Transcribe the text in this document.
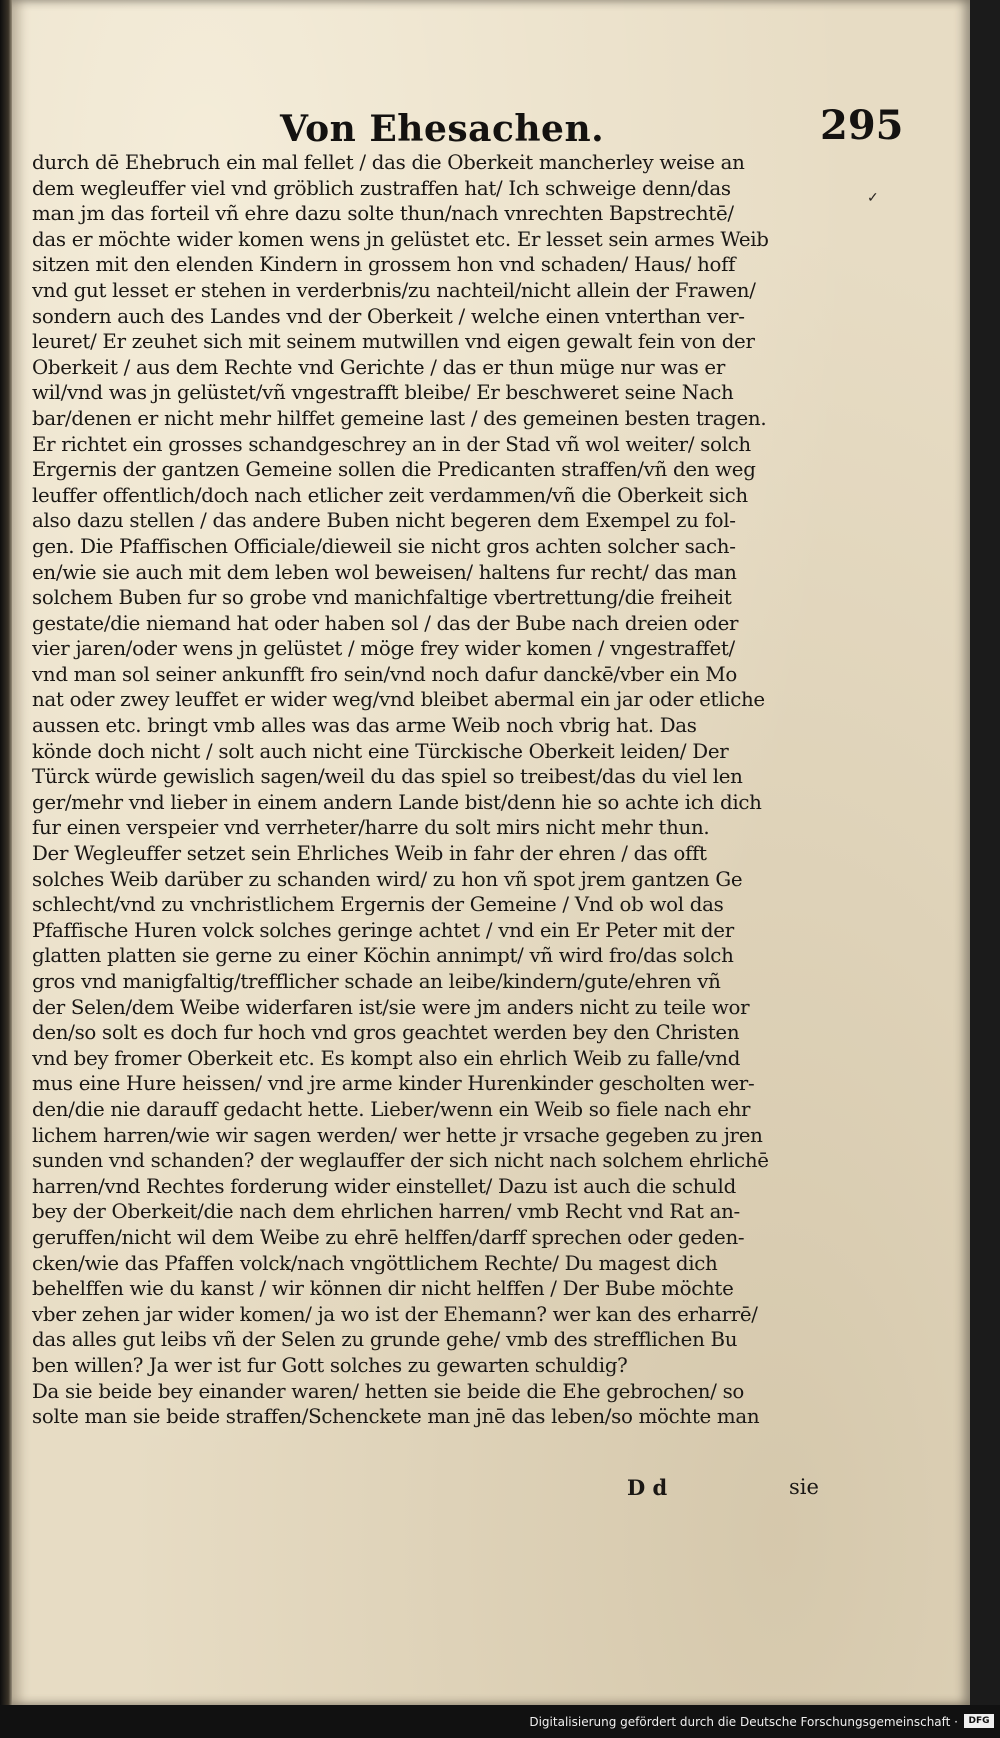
Von Ehesachen.	295
✓
durch dē Ehebruch ein mal fellet / das die Oberkeit mancherley weise an
dem wegleuffer viel vnd gröblich zustraffen hat/ Ich schweige denn/das
man jm das forteil vñ ehre dazu solte thun/nach vnrechten Bapstrechtē/
das er möchte wider komen wens jn gelüstet etc. Er lesset sein armes Weib
sitzen mit den elenden Kindern in grossem hon vnd schaden/ Haus/ hoff
vnd gut lesset er stehen in verderbnis/zu nachteil/nicht allein der Frawen/
sondern auch des Landes vnd der Oberkeit / welche einen vnterthan ver-
leuret/ Er zeuhet sich mit seinem mutwillen vnd eigen gewalt fein von der
Oberkeit / aus dem Rechte vnd Gerichte / das er thun müge nur was er
wil/vnd was jn gelüstet/vñ vngestrafft bleibe/ Er beschweret seine Nach
bar/denen er nicht mehr hilffet gemeine last / des gemeinen besten tragen.
Er richtet ein grosses schandgeschrey an in der Stad vñ wol weiter/ solch
Ergernis der gantzen Gemeine sollen die Predicanten straffen/vñ den weg
leuffer offentlich/doch nach etlicher zeit verdammen/vñ die Oberkeit sich
also dazu stellen / das andere Buben nicht begeren dem Exempel zu fol-
gen. Die Pfaffischen Officiale/dieweil sie nicht gros achten solcher sach-
en/wie sie auch mit dem leben wol beweisen/ haltens fur recht/ das man
solchem Buben fur so grobe vnd manichfaltige vbertrettung/die freiheit
gestate/die niemand hat oder haben sol / das der Bube nach dreien oder
vier jaren/oder wens jn gelüstet / möge frey wider komen / vngestraffet/
vnd man sol seiner ankunfft fro sein/vnd noch dafur danckē/vber ein Mo
nat oder zwey leuffet er wider weg/vnd bleibet abermal ein jar oder etliche
aussen etc. bringt vmb alles was das arme Weib noch vbrig hat. Das
könde doch nicht / solt auch nicht eine Türckische Oberkeit leiden/ Der
Türck würde gewislich sagen/weil du das spiel so treibest/das du viel len
ger/mehr vnd lieber in einem andern Lande bist/denn hie so achte ich dich
fur einen verspeier vnd verrheter/harre du solt mirs nicht mehr thun.
Der Wegleuffer setzet sein Ehrliches Weib in fahr der ehren / das offt
solches Weib darüber zu schanden wird/ zu hon vñ spot jrem gantzen Ge
schlecht/vnd zu vnchristlichem Ergernis der Gemeine / Vnd ob wol das
Pfaffische Huren volck solches geringe achtet / vnd ein Er Peter mit der
glatten platten sie gerne zu einer Köchin annimpt/ vñ wird fro/das solch
gros vnd manigfaltig/trefflicher schade an leibe/kindern/gute/ehren vñ
der Selen/dem Weibe widerfaren ist/sie were jm anders nicht zu teile wor
den/so solt es doch fur hoch vnd gros geachtet werden bey den Christen
vnd bey fromer Oberkeit etc. Es kompt also ein ehrlich Weib zu falle/vnd
mus eine Hure heissen/ vnd jre arme kinder Hurenkinder gescholten wer-
den/die nie darauff gedacht hette. Lieber/wenn ein Weib so fiele nach ehr
lichem harren/wie wir sagen werden/ wer hette jr vrsache gegeben zu jren
sunden vnd schanden? der weglauffer der sich nicht nach solchem ehrlichē
harren/vnd Rechtes forderung wider einstellet/ Dazu ist auch die schuld
bey der Oberkeit/die nach dem ehrlichen harren/ vmb Recht vnd Rat an-
geruffen/nicht wil dem Weibe zu ehrē helffen/darff sprechen oder geden-
cken/wie das Pfaffen volck/nach vngöttlichem Rechte/ Du magest dich
behelffen wie du kanst / wir können dir nicht helffen / Der Bube möchte
vber zehen jar wider komen/ ja wo ist der Ehemann? wer kan des erharrē/
das alles gut leibs vñ der Selen zu grunde gehe/ vmb des strefflichen Bu
ben willen? Ja wer ist fur Gott solches zu gewarten schuldig?
Da sie beide bey einander waren/ hetten sie beide die Ehe gebrochen/ so
solte man sie beide straffen/Schenckete man jnē das leben/so möchte man
D d	sie
Digitalisierung gefördert durch die Deutsche Forschungsgemeinschaft ·	DFG
